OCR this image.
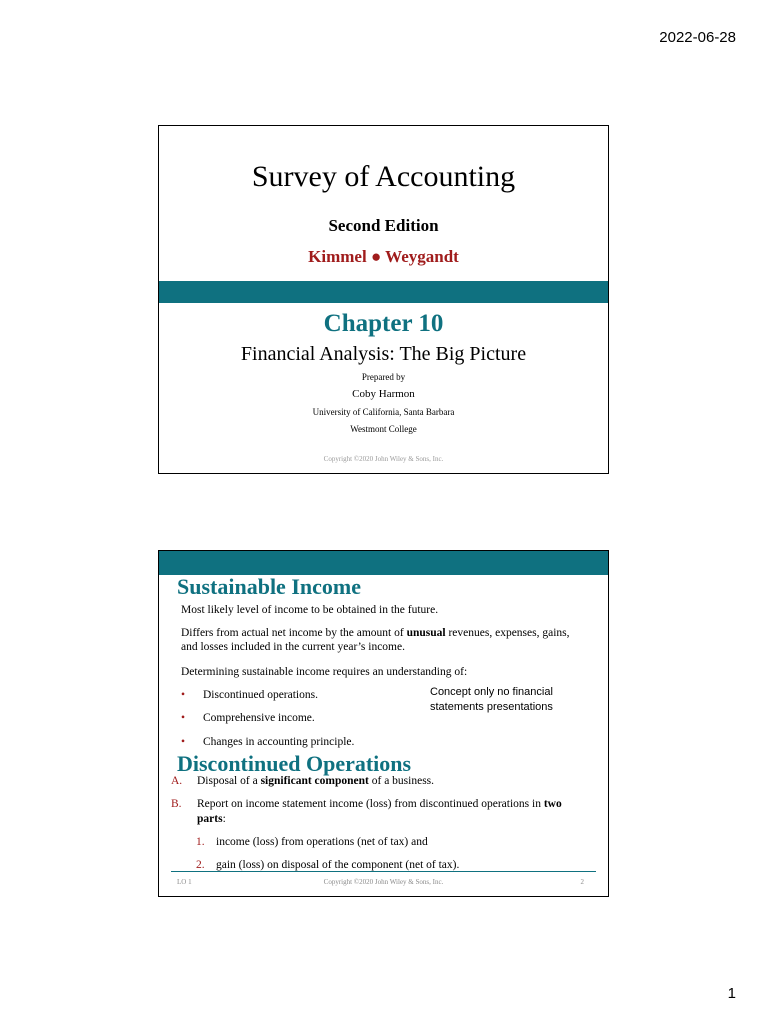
2022-06-28
Survey of Accounting
Second Edition
Kimmel ● Weygandt
Chapter 10
Financial Analysis: The Big Picture
Prepared by
Coby Harmon
University of California, Santa Barbara
Westmont College
Copyright ©2020 John Wiley & Sons, Inc.
Sustainable Income
Most likely level of income to be obtained in the future.
Differs from actual net income by the amount of unusual revenues, expenses, gains, and losses included in the current year’s income.
Determining sustainable income requires an understanding of:
• Discontinued operations.
• Comprehensive income.
• Changes in accounting principle.
Concept only no financial statements presentations
Discontinued Operations
A. Disposal of a significant component of a business.
B. Report on income statement income (loss) from discontinued operations in two parts:
1. income (loss) from operations (net of tax) and
2. gain (loss) on disposal of the component (net of tax).
LO 1	Copyright ©2020 John Wiley & Sons, Inc.	2
1
